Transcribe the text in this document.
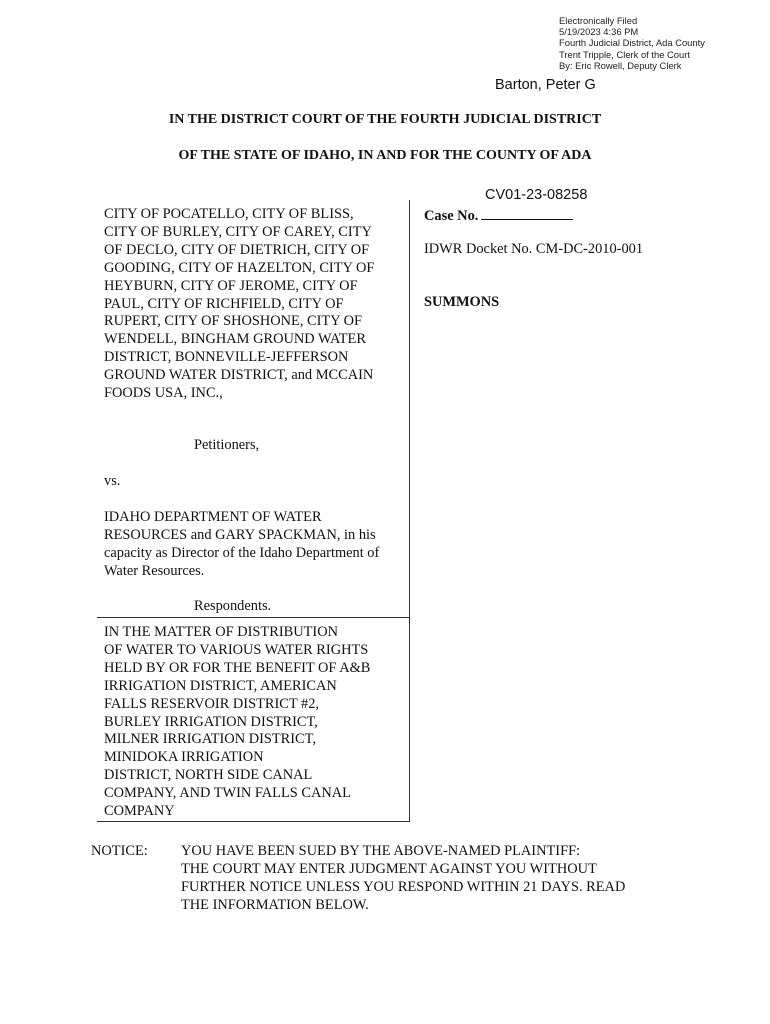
Electronically Filed
5/19/2023 4:36 PM
Fourth Judicial District, Ada County
Trent Tripple, Clerk of the Court
By: Eric Rowell, Deputy Clerk
Barton, Peter G
IN THE DISTRICT COURT OF THE FOURTH JUDICIAL DISTRICT
OF THE STATE OF IDAHO, IN AND FOR THE COUNTY OF ADA
CV01-23-08258
CITY OF POCATELLO, CITY OF BLISS,
CITY OF BURLEY, CITY OF CAREY, CITY
OF DECLO, CITY OF DIETRICH, CITY OF
GOODING, CITY OF HAZELTON, CITY OF
HEYBURN, CITY OF JEROME, CITY OF
PAUL, CITY OF RICHFIELD, CITY OF
RUPERT, CITY OF SHOSHONE, CITY OF
WENDELL, BINGHAM GROUND WATER
DISTRICT, BONNEVILLE-JEFFERSON
GROUND WATER DISTRICT, and MCCAIN
FOODS USA, INC.,
Petitioners,
vs.
IDAHO DEPARTMENT OF WATER
RESOURCES and GARY SPACKMAN, in his
capacity as Director of the Idaho Department of
Water Resources.
Respondents.
IN THE MATTER OF DISTRIBUTION
OF WATER TO VARIOUS WATER RIGHTS
HELD BY OR FOR THE BENEFIT OF A&B
IRRIGATION DISTRICT, AMERICAN
FALLS RESERVOIR DISTRICT #2,
BURLEY IRRIGATION DISTRICT,
MILNER IRRIGATION DISTRICT,
MINIDOKA IRRIGATION
DISTRICT, NORTH SIDE CANAL
COMPANY, AND TWIN FALLS CANAL
COMPANY
Case No.
IDWR Docket No. CM-DC-2010-001
SUMMONS
NOTICE: YOU HAVE BEEN SUED BY THE ABOVE-NAMED PLAINTIFF:
THE COURT MAY ENTER JUDGMENT AGAINST YOU WITHOUT
FURTHER NOTICE UNLESS YOU RESPOND WITHIN 21 DAYS. READ
THE INFORMATION BELOW.
